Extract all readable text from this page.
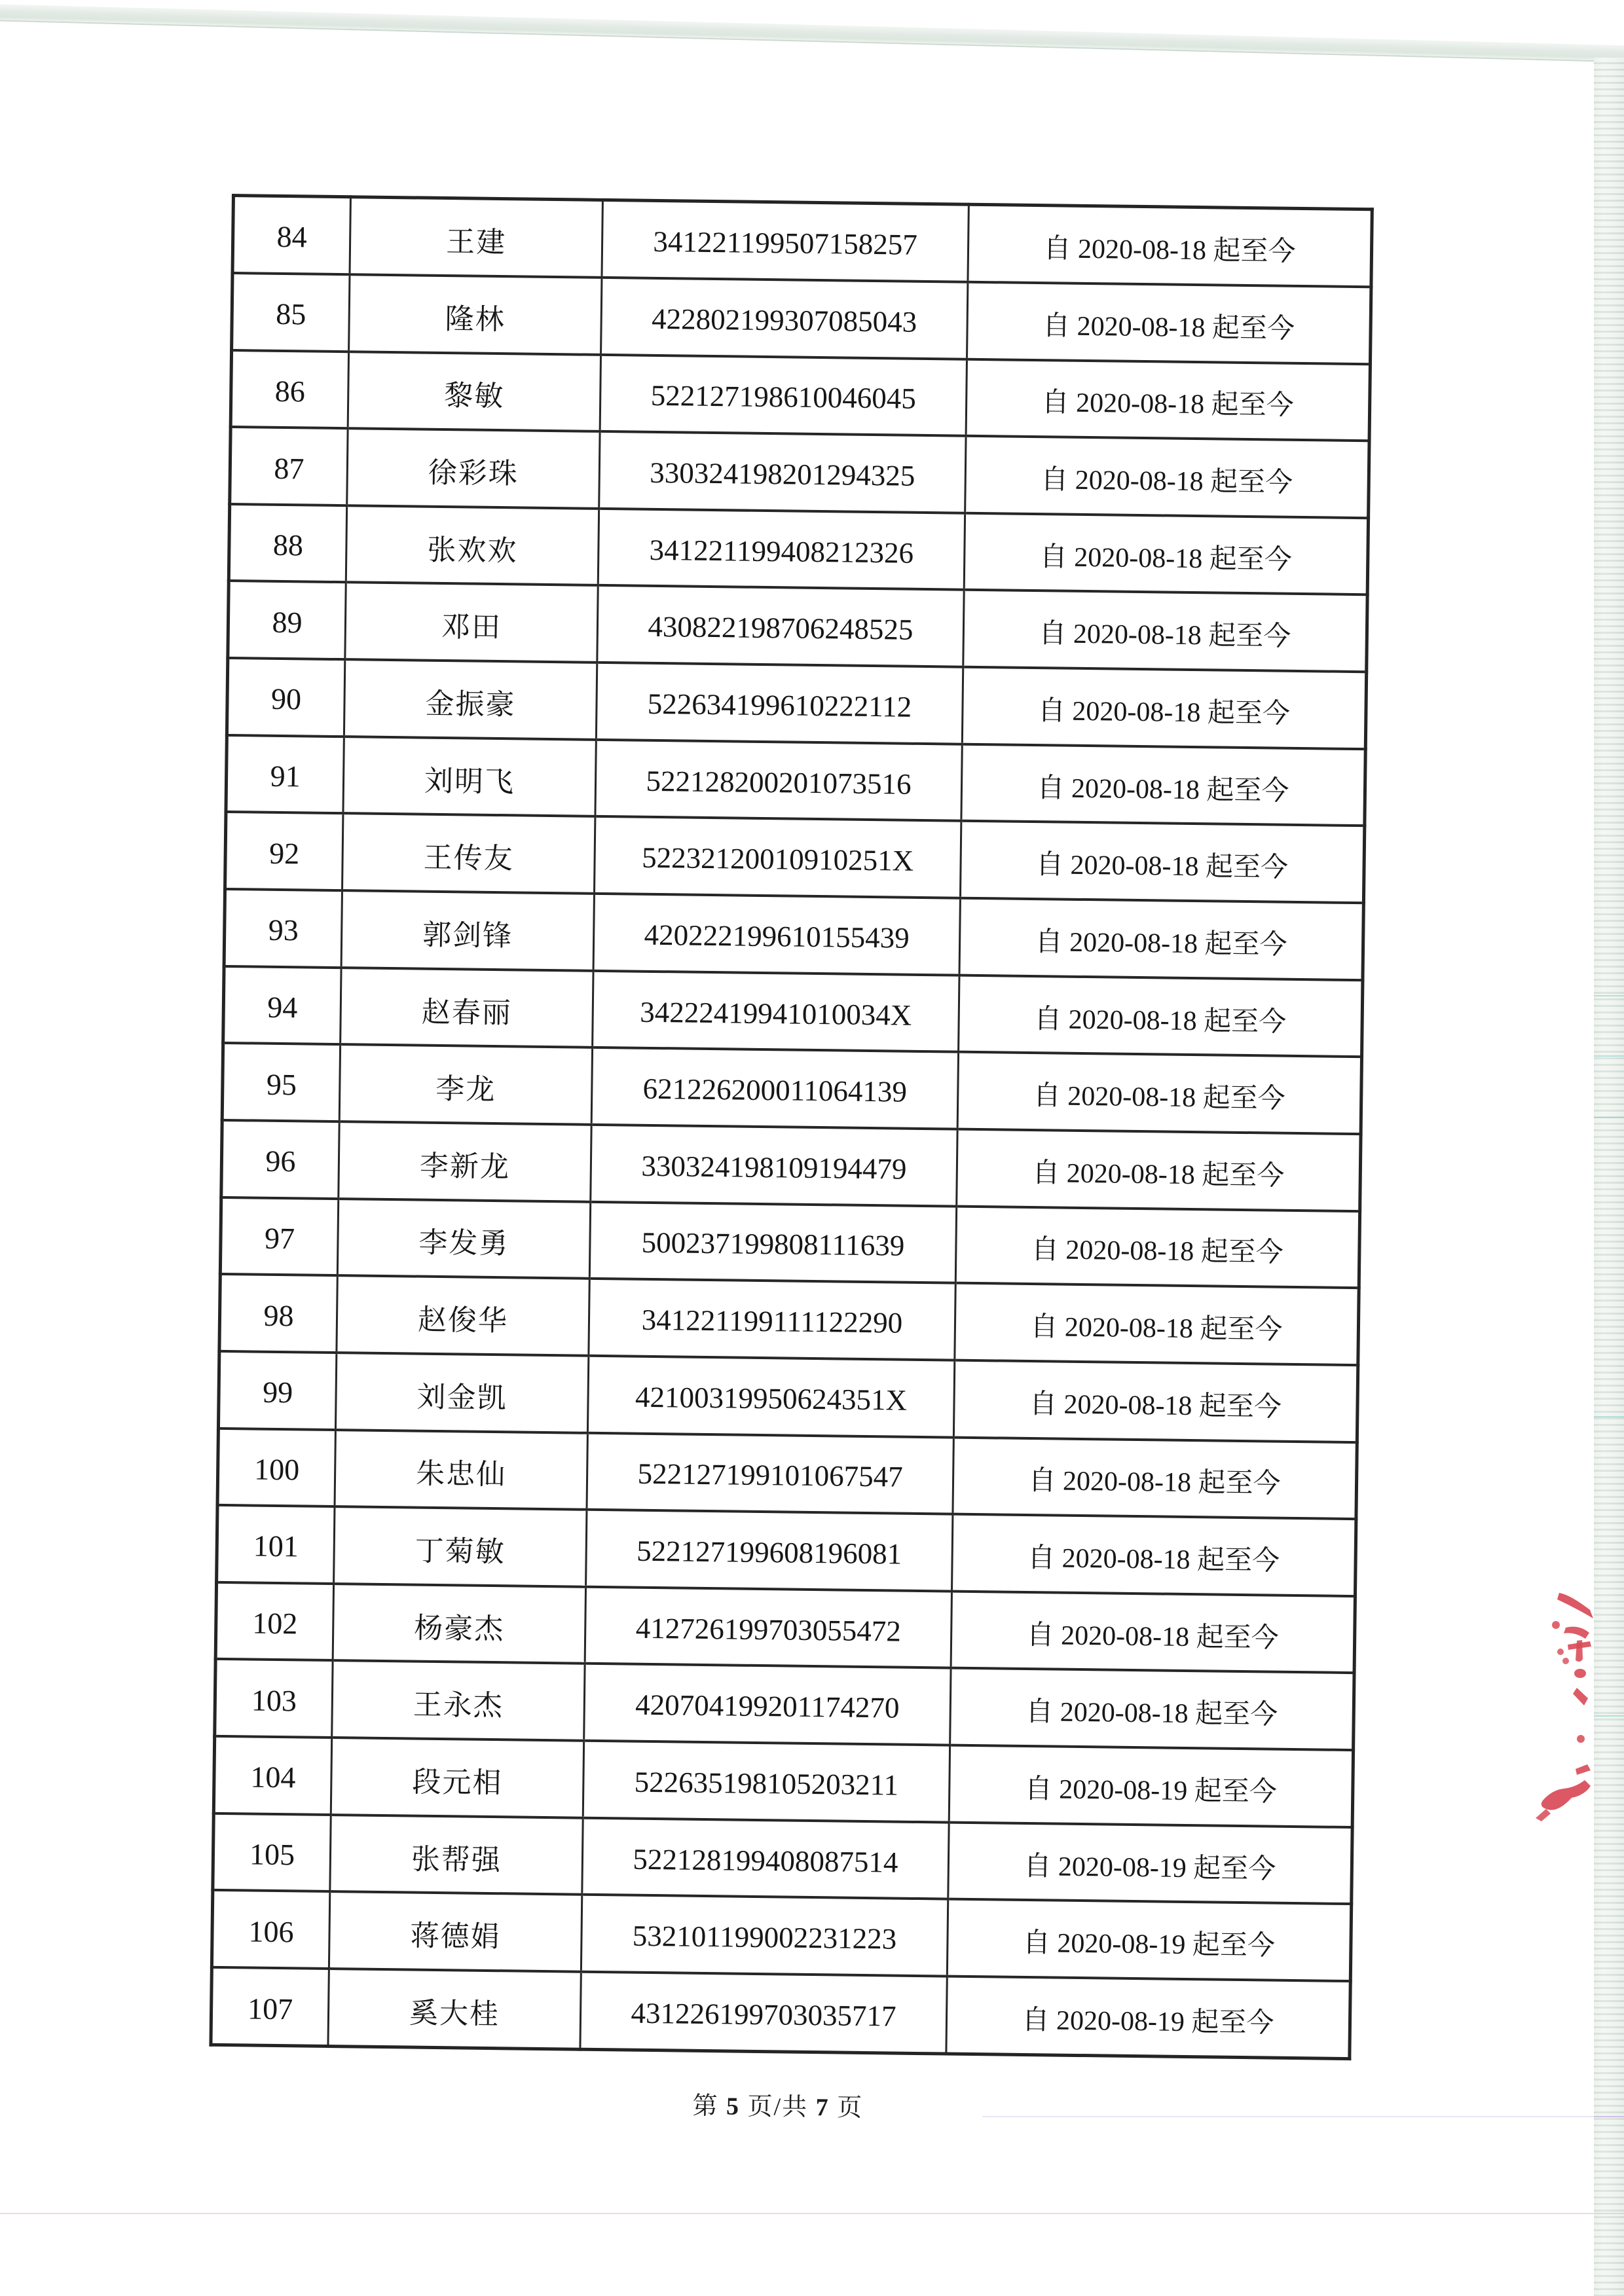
84	王建	341221199507158257	自 2020-08-18 起至今
85	隆林	422802199307085043	自 2020-08-18 起至今
86	黎敏	522127198610046045	自 2020-08-18 起至今
87	徐彩珠	330324198201294325	自 2020-08-18 起至今
88	张欢欢	341221199408212326	自 2020-08-18 起至今
89	邓田	430822198706248525	自 2020-08-18 起至今
90	金振豪	522634199610222112	自 2020-08-18 起至今
91	刘明飞	522128200201073516	自 2020-08-18 起至今
92	王传友	52232120010910251X	自 2020-08-18 起至今
93	郭剑锋	420222199610155439	自 2020-08-18 起至今
94	赵春丽	34222419941010034X	自 2020-08-18 起至今
95	李龙	621226200011064139	自 2020-08-18 起至今
96	李新龙	330324198109194479	自 2020-08-18 起至今
97	李发勇	500237199808111639	自 2020-08-18 起至今
98	赵俊华	341221199111122290	自 2020-08-18 起至今
99	刘金凯	42100319950624351X	自 2020-08-18 起至今
100	朱忠仙	522127199101067547	自 2020-08-18 起至今
101	丁菊敏	522127199608196081	自 2020-08-18 起至今
102	杨豪杰	412726199703055472	自 2020-08-18 起至今
103	王永杰	420704199201174270	自 2020-08-18 起至今
104	段元相	522635198105203211	自 2020-08-19 起至今
105	张帮强	522128199408087514	自 2020-08-19 起至今
106	蒋德娟	532101199002231223	自 2020-08-19 起至今
107	奚大桂	431226199703035717	自 2020-08-19 起至今
第 5 页/共 7 页
